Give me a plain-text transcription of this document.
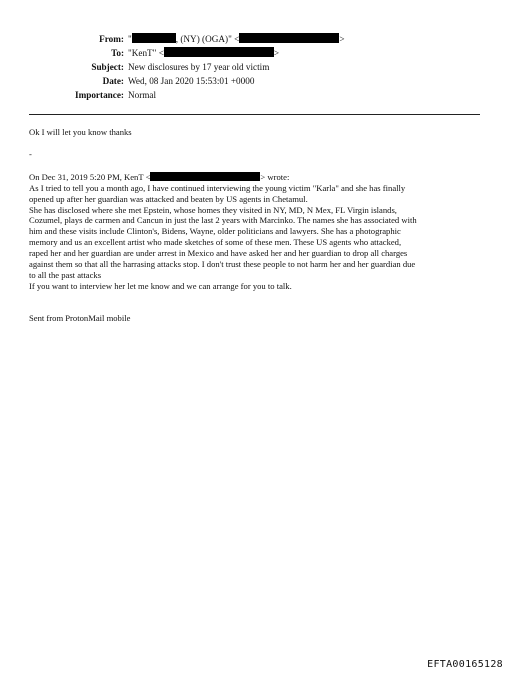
From: "	, (NY) (OGA)" <	>
To: "KenT" <	>
Subject: New disclosures by 17 year old victim
Date: Wed, 08 Jan 2020 15:53:01 +0000
Importance: Normal

Ok I will let you know thanks

-

On Dec 31, 2019 5:20 PM, KenT <	> wrote:

As I tried to tell you a month ago, I have continued interviewing the young victim "Karla" and she has finally

opened up after her guardian was attacked and beaten by US agents in Chetamul.

She has disclosed where she met Epstein, whose homes they visited in NY, MD, N Mex, FL Virgin islands,

Cozumel, plays de carmen and Cancun in just the last 2 years with Marcinko. The names she has associated with

him and these visits include Clinton's, Bidens, Wayne, older politicians and lawyers. She has a photographic

memory and us an excellent artist who made sketches of some of these men. These US agents who attacked,

raped her and her guardian are under arrest in Mexico and have asked her and her guardian to drop all charges

against them so that all the harrasing attacks stop. I don't trust these people to not harm her and her guardian due

to all the past attacks

If you want to interview her let me know and we can arrange for you to talk.

Sent from ProtonMail mobile

EFTA00165128
